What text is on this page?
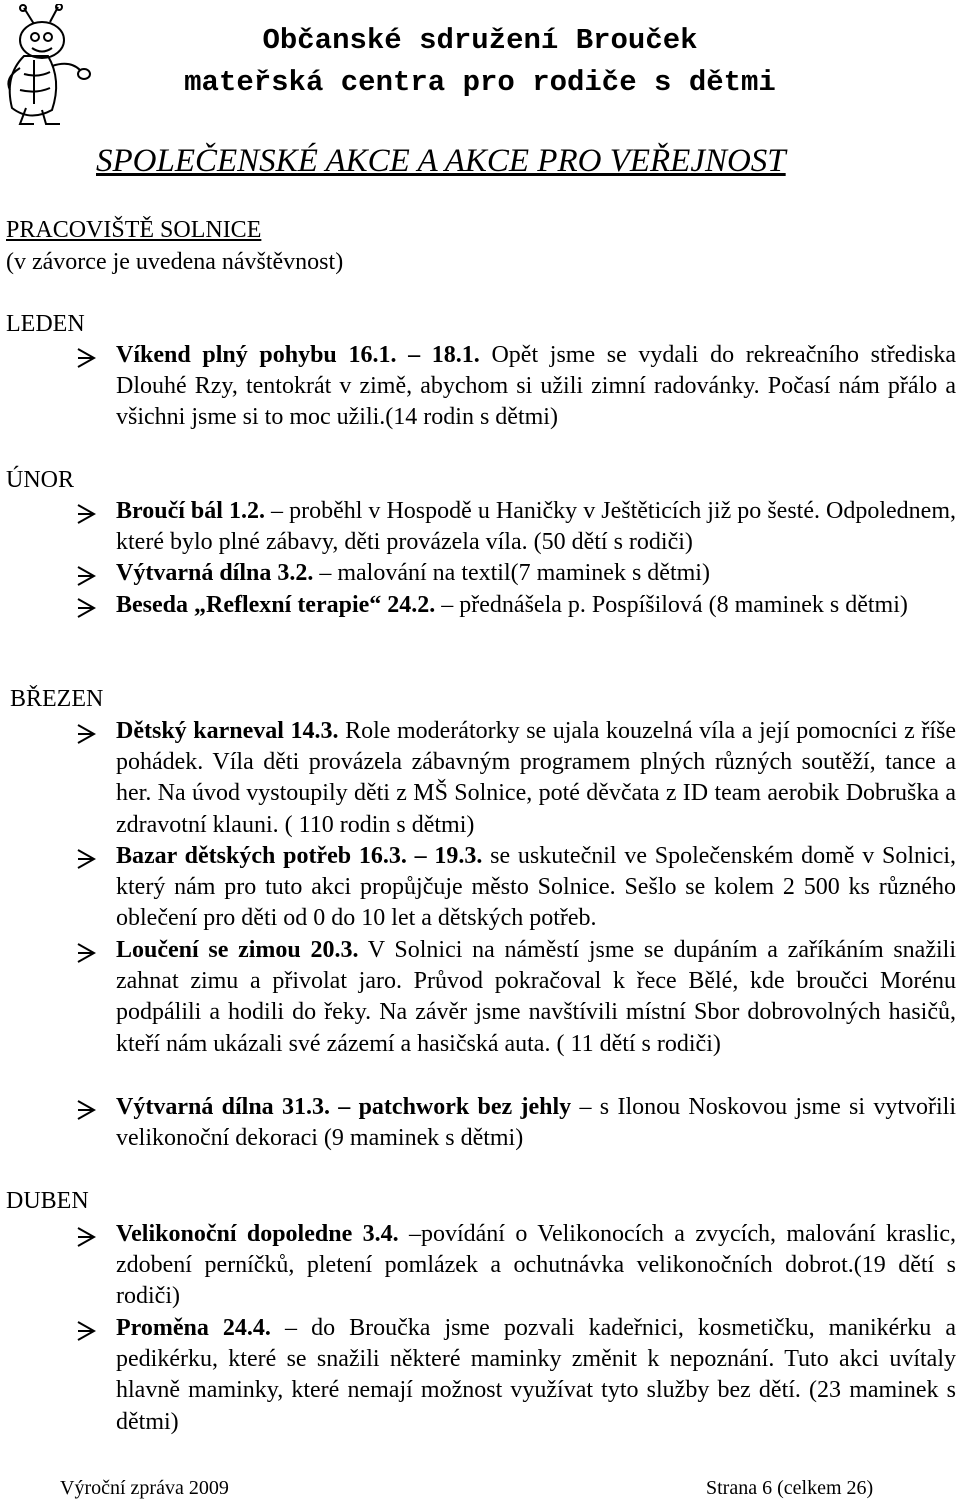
Občanské sdružení Brouček
mateřská centra pro rodiče s dětmi
SPOLEČENSKÉ AKCE A AKCE PRO VEŘEJNOST
PRACOVIŠTĚ SOLNICE
(v závorce je uvedena návštěvnost)
LEDEN
Víkend plný pohybu 16.1. – 18.1. Opět jsme se vydali do rekreačního střediska Dlouhé Rzy, tentokrát v zimě, abychom si užili zimní radovánky. Počasí nám přálo a všichni jsme si to moc užili.(14 rodin s dětmi)
ÚNOR
Broučí bál 1.2. – proběhl v Hospodě u Haničky v Ještěticích již po šesté. Odpolednem, které bylo plné zábavy, děti provázela víla. (50 dětí s rodiči)
Výtvarná dílna 3.2. – malování na textil(7 maminek s dětmi)
Beseda „Reflexní terapie“ 24.2. – přednášela p. Pospíšilová (8 maminek s dětmi)
BŘEZEN
Dětský karneval 14.3. Role moderátorky se ujala kouzelná víla a její pomocníci z říše pohádek. Víla děti provázela zábavným programem plných různých soutěží, tance a her. Na úvod vystoupily děti z MŠ Solnice, poté děvčata z ID team aerobik Dobruška a zdravotní klauni. ( 110 rodin s dětmi)
Bazar dětských potřeb 16.3. – 19.3. se uskutečnil ve Společenském domě v Solnici, který nám pro tuto akci propůjčuje město Solnice. Sešlo se kolem 2 500 ks různého oblečení pro děti od 0 do 10 let a dětských potřeb.
Loučení se zimou 20.3. V Solnici na náměstí jsme se dupáním a zaříkáním snažili zahnat zimu a přivolat jaro. Průvod pokračoval k řece Bělé, kde broučci Morénu podpálili a hodili do řeky. Na závěr jsme navštívili místní Sbor dobrovolných hasičů, kteří nám ukázali své zázemí a hasičská auta. ( 11 dětí s rodiči)
Výtvarná dílna 31.3. – patchwork bez jehly – s Ilonou Noskovou jsme si vytvořili velikonoční dekoraci (9 maminek s dětmi)
DUBEN
Velikonoční dopoledne 3.4. –povídání o Velikonocích a zvycích, malování kraslic, zdobení perníčků, pletení pomlázek a ochutnávka velikonočních dobrot.(19 dětí s rodiči)
Proměna 24.4. – do Broučka jsme pozvali kadeřnici, kosmetičku, manikérku a pedikérku, které se snažili některé maminky změnit k nepoznání. Tuto akci uvítaly hlavně maminky, které nemají možnost využívat tyto služby bez dětí. (23 maminek s dětmi)
Výroční zpráva 2009	Strana 6 (celkem 26)
